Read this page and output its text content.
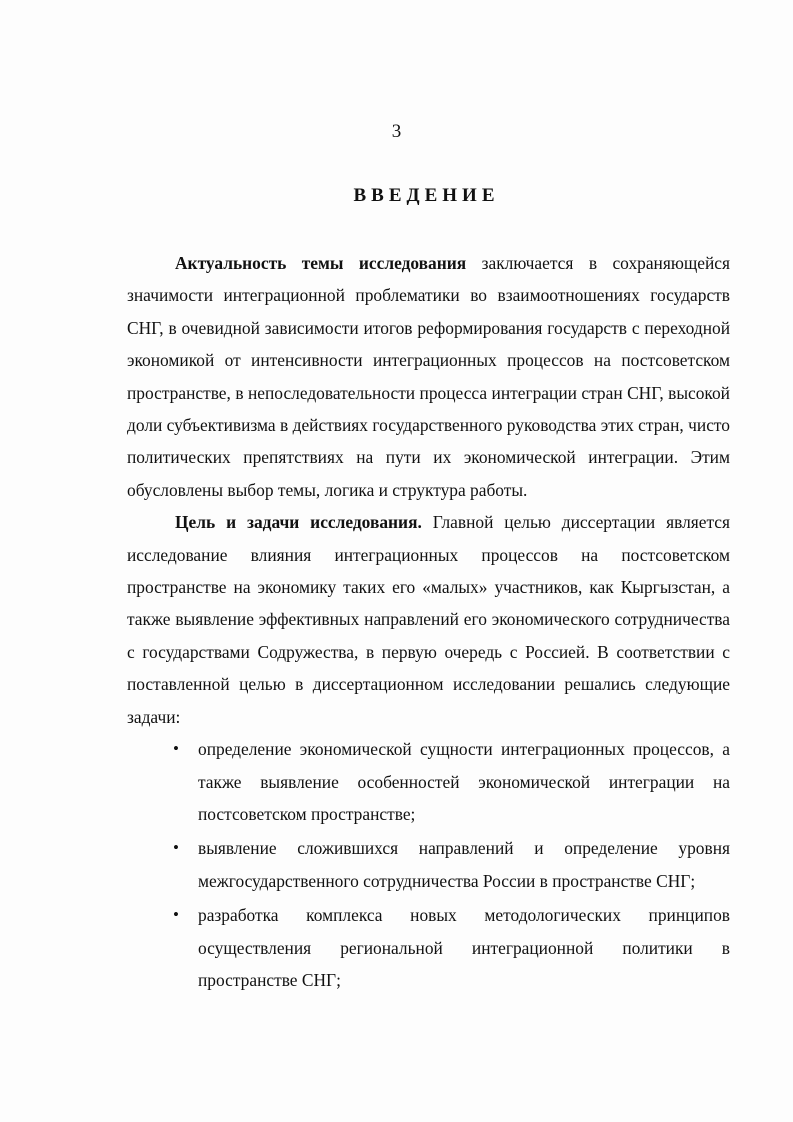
3
ВВЕДЕНИЕ

Актуальность темы исследования заключается в сохраняющейся значимости интеграционной проблематики во взаимоотношениях государств СНГ, в очевидной зависимости итогов реформирования государств с переходной экономикой от интенсивности интеграционных процессов на постсоветском пространстве, в непоследовательности процесса интеграции стран СНГ, высокой доли субъективизма в действиях государственного руководства этих стран, чисто политических препятствиях на пути их экономической интеграции. Этим обусловлены выбор темы, логика и структура работы.

Цель и задачи исследования. Главной целью диссертации является исследование влияния интеграционных процессов на постсоветском пространстве на экономику таких его «малых» участников, как Кыргызстан, а также выявление эффективных направлений его экономического сотрудничества с государствами Содружества, в первую очередь с Россией. В соответствии с поставленной целью в диссертационном исследовании решались следующие задачи:

• определение экономической сущности интеграционных процессов, а также выявление особенностей экономической интеграции на постсоветском пространстве;
• выявление сложившихся направлений и определение уровня межгосударственного сотрудничества России в пространстве СНГ;
• разработка комплекса новых методологических принципов осуществления региональной интеграционной политики в пространстве СНГ;
